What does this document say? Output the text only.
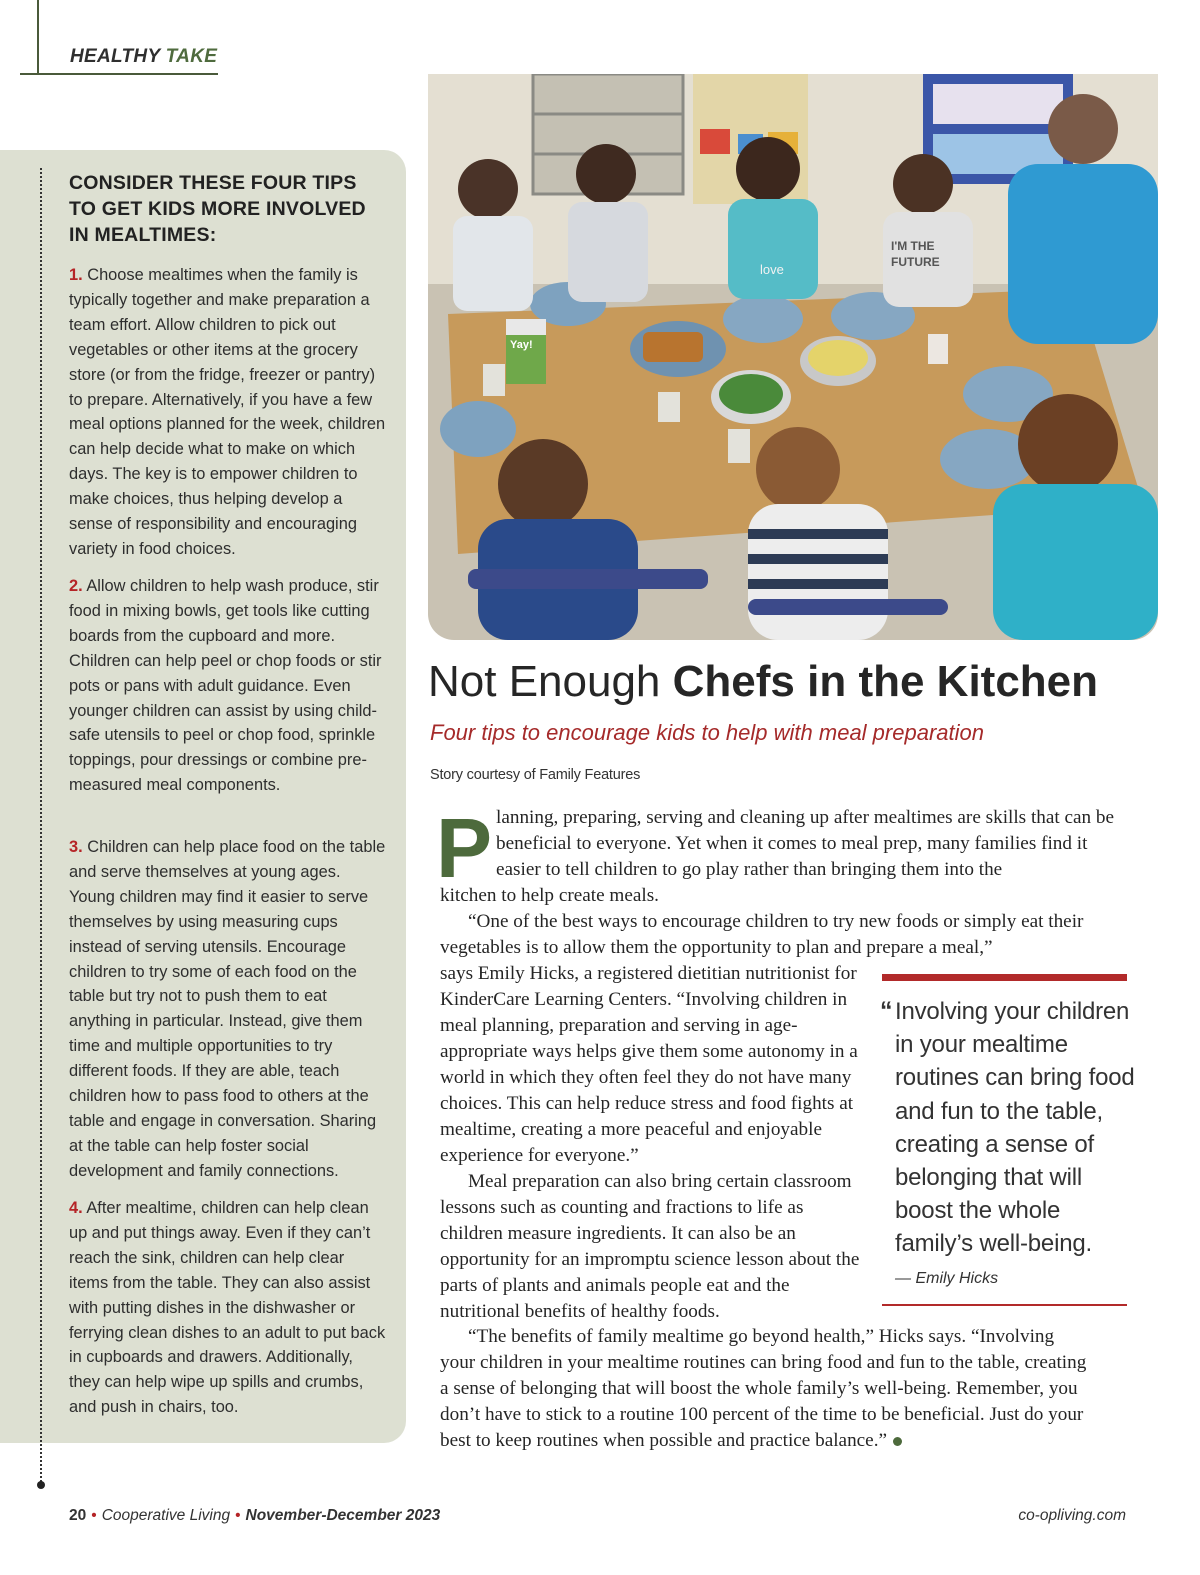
HEALTHY TAKE

CONSIDER THESE FOUR TIPS TO GET KIDS MORE INVOLVED IN MEALTIMES:

1. Choose mealtimes when the family is typically together and make preparation a team effort. Allow children to pick out vegetables or other items at the grocery store (or from the fridge, freezer or pantry) to prepare. Alternatively, if you have a few meal options planned for the week, children can help decide what to make on which days. The key is to empower children to make choices, thus helping develop a sense of responsibility and encouraging variety in food choices.

2. Allow children to help wash produce, stir food in mixing bowls, get tools like cutting boards from the cupboard and more. Children can help peel or chop foods or stir pots or pans with adult guidance. Even younger children can assist by using child-safe utensils to peel or chop food, sprinkle toppings, pour dressings or combine pre-measured meal components.

3. Children can help place food on the table and serve themselves at young ages. Young children may find it easier to serve themselves by using measuring cups instead of serving utensils. Encourage children to try some of each food on the table but try not to push them to eat anything in particular. Instead, give them time and multiple opportunities to try different foods. If they are able, teach children how to pass food to others at the table and engage in conversation. Sharing at the table can help foster social development and family connections.

4. After mealtime, children can help clean up and put things away. Even if they can’t reach the sink, children can help clear items from the table. They can also assist with putting dishes in the dishwasher or ferrying clean dishes to an adult to put back in cupboards and drawers. Additionally, they can help wipe up spills and crumbs, and push in chairs, too.

Yay!
love
I'M THE
FUTURE
Not Enough Chefs in the Kitchen

Four tips to encourage kids to help with meal preparation

Story courtesy of Family Features

P lanning, preparing, serving and cleaning up after mealtimes are skills that can be beneficial to everyone. Yet when it comes to meal prep, many families find it easier to tell children to go play rather than bringing them into the

kitchen to help create meals.

“One of the best ways to encourage children to try new foods or simply eat their vegetables is to allow them the opportunity to plan and prepare a meal,”

says Emily Hicks, a registered dietitian nutritionist for KinderCare Learning Centers. “Involving children in meal planning, preparation and serving in age-appropriate ways helps give them some autonomy in a world in which they often feel they do not have many choices. This can help reduce stress and food fights at mealtime, creating a more peaceful and enjoyable experience for everyone.”

Meal preparation can also bring certain classroom lessons such as counting and fractions to life as children measure ingredients. It can also be an opportunity for an impromptu science lesson about the parts of plants and animals people eat and the nutritional benefits of healthy foods.

“The benefits of family mealtime go beyond health,” Hicks says. “Involving your children in your mealtime routines can bring food and fun to the table, creating a sense of belonging that will boost the whole family’s well-being. Remember, you don’t have to stick to a routine 100 percent of the time to be beneficial. Just do your best to keep routines when possible and practice balance.”

“ Involving your children in your mealtime routines can bring food and fun to the table, creating a sense of belonging that will boost the whole family’s well-being.

— Emily Hicks

20 • Cooperative Living • November-December 2023	co-opliving.com
